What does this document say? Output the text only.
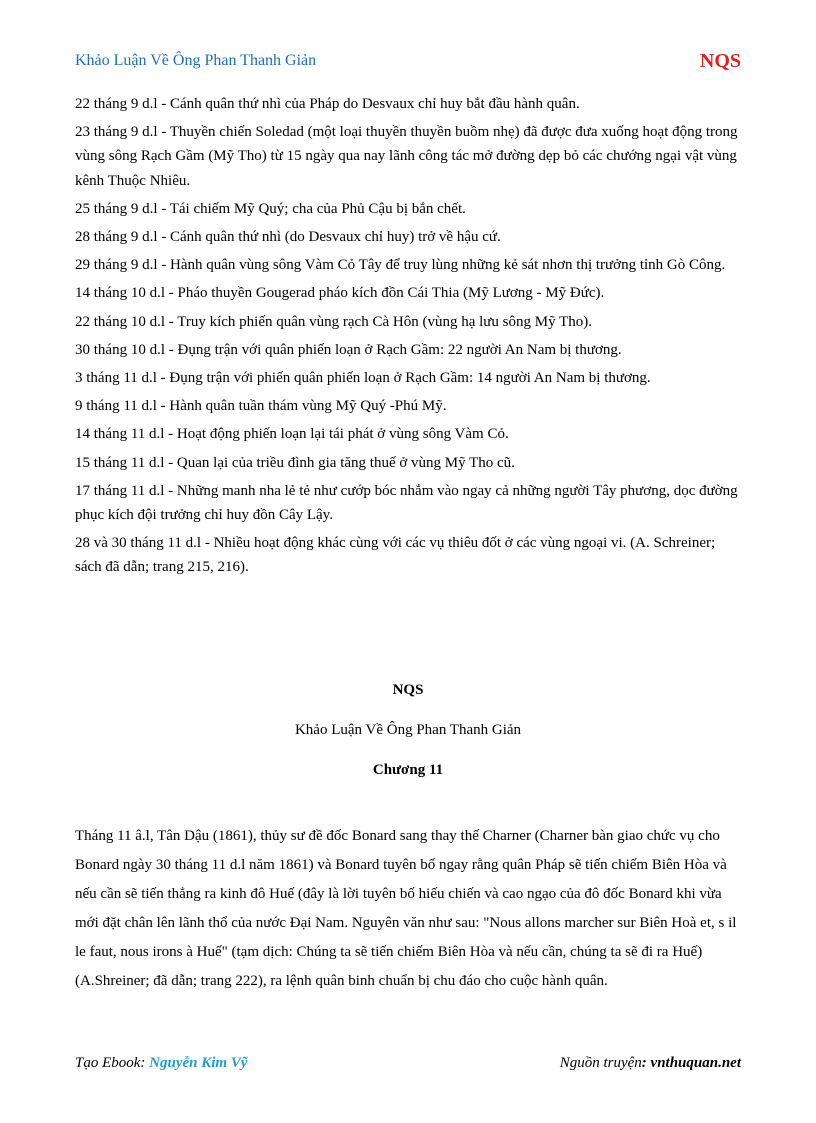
Khảo Luận Về Ông Phan Thanh Giản	NQS

22 tháng 9 d.l - Cánh quân thứ nhì của Pháp do Desvaux chỉ huy bắt đầu hành quân.

23 tháng 9 d.l - Thuyền chiến Soledad (một loại thuyền thuyền buồm nhẹ) đã được đưa xuống hoạt động trong vùng sông Rạch Gầm (Mỹ Tho) từ 15 ngày qua nay lãnh công tác mở đường dẹp bỏ các chướng ngại vật vùng kênh Thuộc Nhiêu.

25 tháng 9 d.l - Tái chiếm Mỹ Quý; cha của Phủ Cậu bị bắn chết.

28 tháng 9 d.l - Cánh quân thứ nhì (do Desvaux chỉ huy) trở về hậu cứ.

29 tháng 9 d.l - Hành quân vùng sông Vàm Cỏ Tây để truy lùng những kẻ sát nhơn thị trưởng tỉnh Gò Công.

14 tháng 10 d.l - Pháo thuyền Gougerad pháo kích đồn Cái Thia (Mỹ Lương - Mỹ Đức).

22 tháng 10 d.l - Truy kích phiến quân vùng rạch Cà Hôn (vùng hạ lưu sông Mỹ Tho).

30 tháng 10 d.l - Đụng trận với quân phiến loạn ở Rạch Gầm: 22 người An Nam bị thương.

3 tháng 11 d.l - Đụng trận với phiến quân phiến loạn ở Rạch Gầm: 14 người An Nam bị thương.

9 tháng 11 d.l - Hành quân tuần thám vùng Mỹ Quý -Phú Mỹ.

14 tháng 11 d.l - Hoạt động phiến loạn lại tái phát ở vùng sông Vàm Cỏ.

15 tháng 11 d.l - Quan lại của triều đình gia tăng thuế ở vùng Mỹ Tho cũ.

17 tháng 11 d.l - Những manh nha lẻ tẻ như cướp bóc nhắm vào ngay cả những người Tây phương, dọc đường phục kích đội trưởng chỉ huy đồn Cây Lậy.

28 và 30 tháng 11 d.l - Nhiều hoạt động khác cùng với các vụ thiêu đốt ở các vùng ngoại vi. (A. Schreiner; sách đã dẫn; trang 215, 216).

NQS
Khảo Luận Về Ông Phan Thanh Giản
Chương 11

Tháng 11 â.l, Tân Dậu (1861), thủy sư đề đốc Bonard sang thay thế Charner (Charner bàn giao chức vụ cho Bonard ngày 30 tháng 11 d.l năm 1861) và Bonard tuyên bố ngay rằng quân Pháp sẽ tiến chiếm Biên Hòa và nếu cần sẽ tiến thẳng ra kinh đô Huế (đây là lời tuyên bố hiếu chiến và cao ngạo của đô đốc Bonard khi vừa mới đặt chân lên lãnh thổ của nước Đại Nam. Nguyên văn như sau: "Nous allons marcher sur Biên Hoà et, s il le faut, nous irons à Huế" (tạm dịch: Chúng ta sẽ tiến chiếm Biên Hòa và nếu cần, chúng ta sẽ đi ra Huế) (A.Shreiner; đã dẫn; trang 222), ra lệnh quân binh chuẩn bị chu đáo cho cuộc hành quân.

Tạo Ebook: Nguyễn Kim Vỹ	Nguồn truyện: vnthuquan.net
